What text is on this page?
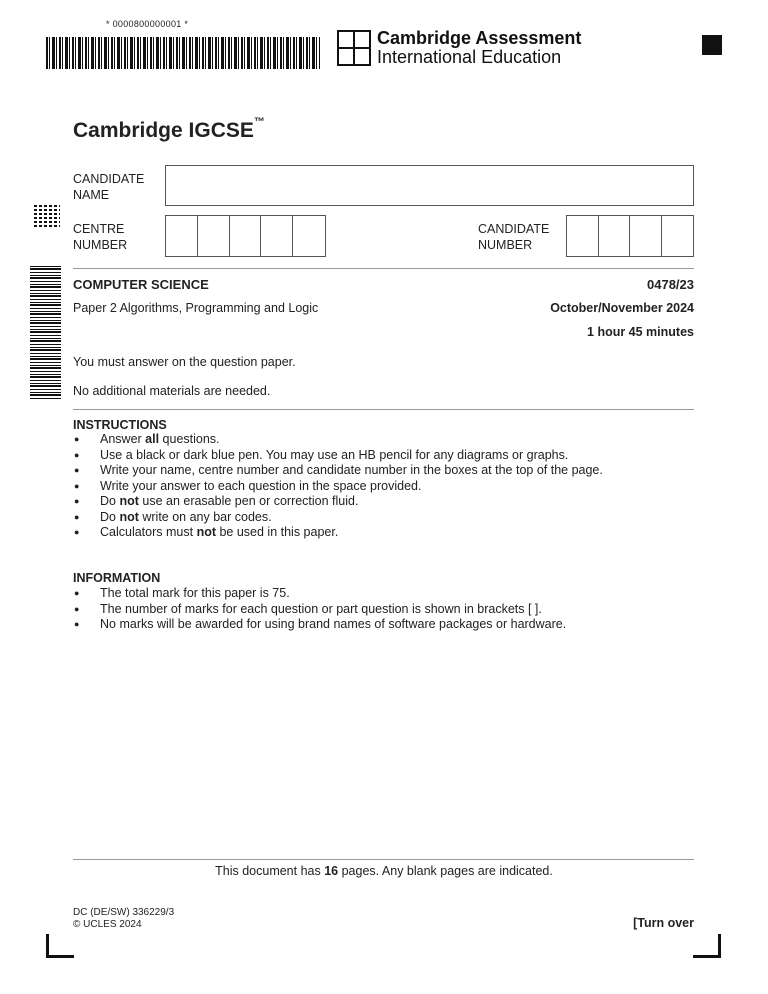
* 0000800000001 *
Cambridge Assessment
International Education
Cambridge IGCSE™
CANDIDATE
NAME
CENTRE
NUMBER
CANDIDATE
NUMBER
COMPUTER SCIENCE	0478/23
Paper 2 Algorithms, Programming and Logic	October/November 2024
1 hour 45 minutes
You must answer on the question paper.
No additional materials are needed.
INSTRUCTIONS
● Answer all questions.
● Use a black or dark blue pen. You may use an HB pencil for any diagrams or graphs.
● Write your name, centre number and candidate number in the boxes at the top of the page.
● Write your answer to each question in the space provided.
● Do not use an erasable pen or correction fluid.
● Do not write on any bar codes.
● Calculators must not be used in this paper.
INFORMATION
● The total mark for this paper is 75.
● The number of marks for each question or part question is shown in brackets [ ].
● No marks will be awarded for using brand names of software packages or hardware.
This document has 16 pages. Any blank pages are indicated.
DC (DE/SW) 336229/3
© UCLES 2024	[Turn over
